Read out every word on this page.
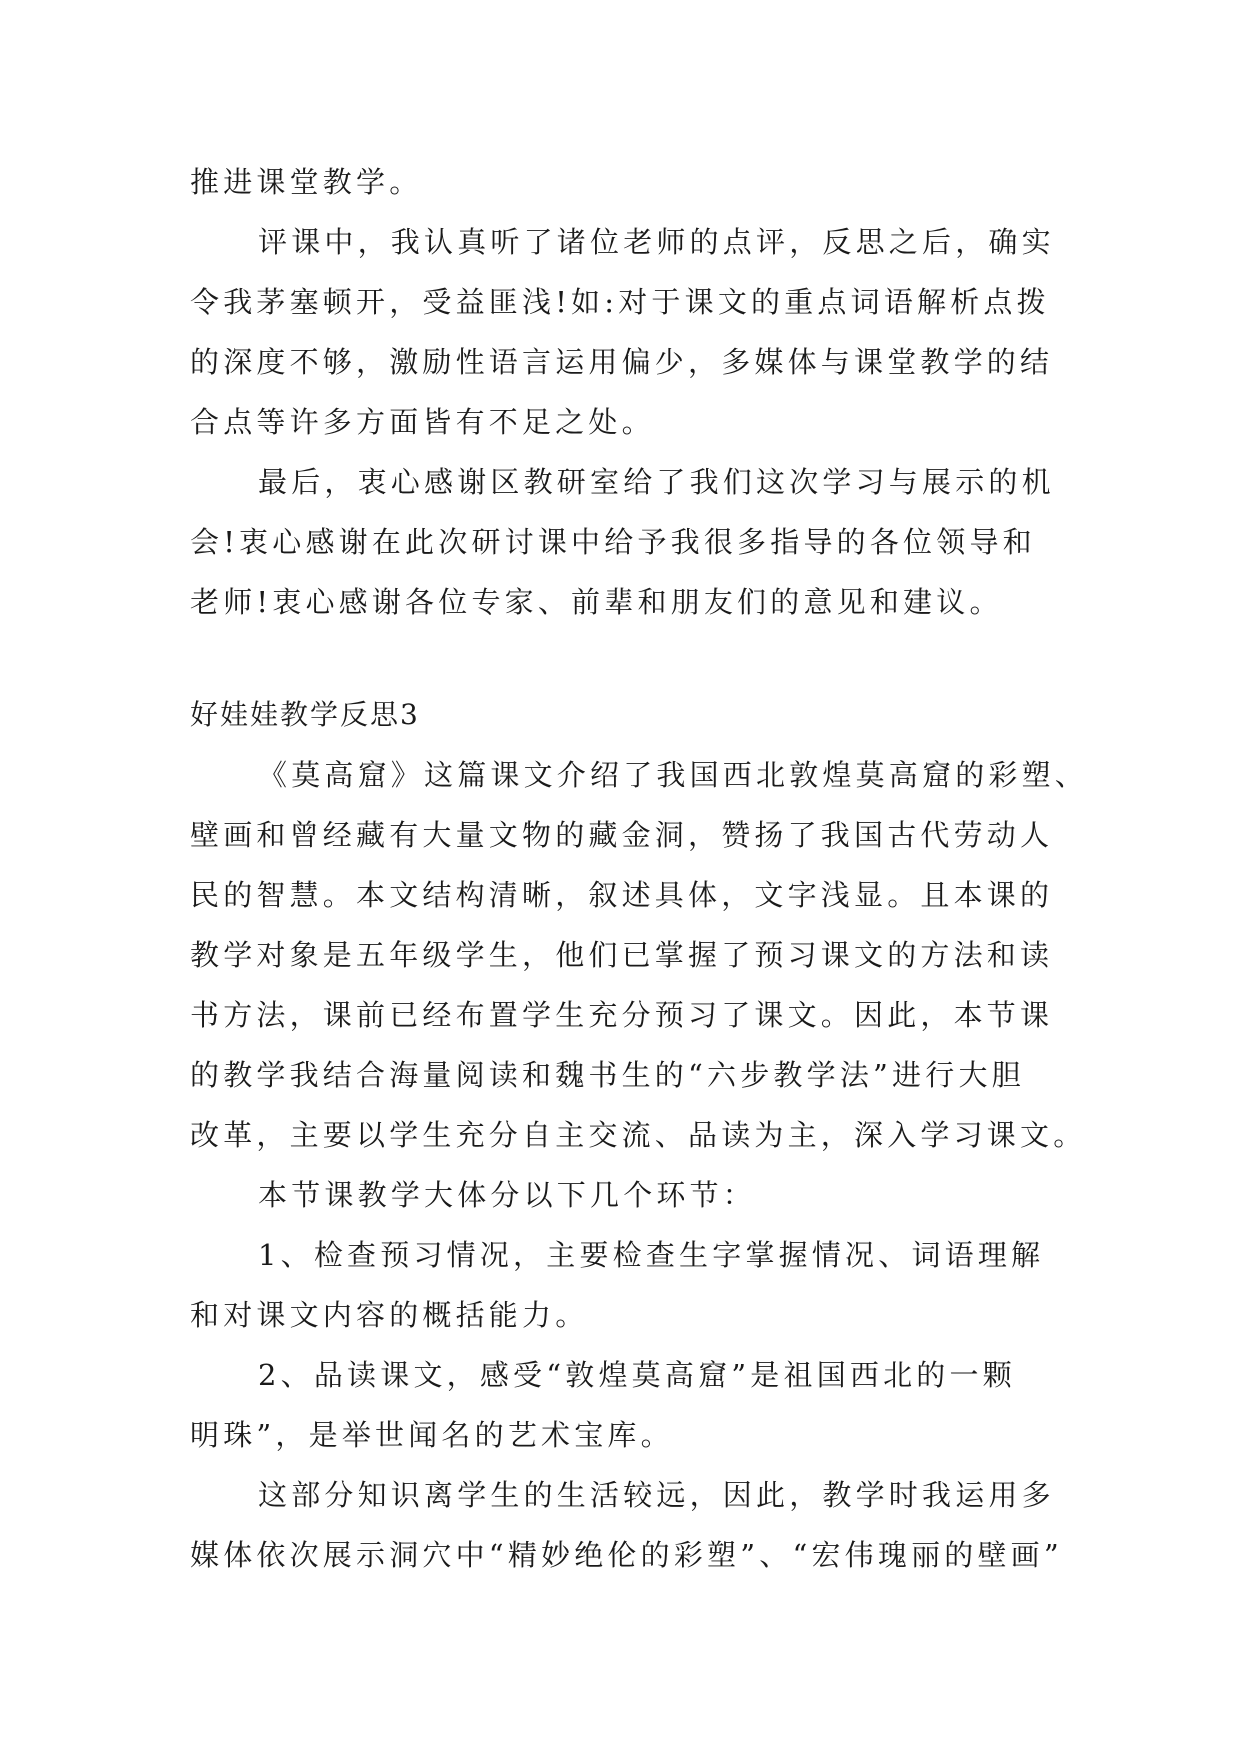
推进课堂教学。
评课中，我认真听了诸位老师的点评，反思之后，确实
令我茅塞顿开，受益匪浅!如:对于课文的重点词语解析点拨
的深度不够，激励性语言运用偏少，多媒体与课堂教学的结
合点等许多方面皆有不足之处。
最后，衷心感谢区教研室给了我们这次学习与展示的机
会!衷心感谢在此次研讨课中给予我很多指导的各位领导和
老师!衷心感谢各位专家、前辈和朋友们的意见和建议。
好娃娃教学反思3
《莫高窟》这篇课文介绍了我国西北敦煌莫高窟的彩塑、
壁画和曾经藏有大量文物的藏金洞，赞扬了我国古代劳动人
民的智慧。本文结构清晰，叙述具体，文字浅显。且本课的
教学对象是五年级学生，他们已掌握了预习课文的方法和读
书方法，课前已经布置学生充分预习了课文。因此，本节课
的教学我结合海量阅读和魏书生的“六步教学法”进行大胆
改革，主要以学生充分自主交流、品读为主，深入学习课文。
本节课教学大体分以下几个环节：
1、检查预习情况，主要检查生字掌握情况、词语理解
和对课文内容的概括能力。
2、品读课文，感受“敦煌莫高窟”是祖国西北的一颗
明珠”，是举世闻名的艺术宝库。
这部分知识离学生的生活较远，因此，教学时我运用多
媒体依次展示洞穴中“精妙绝伦的彩塑”、“宏伟瑰丽的壁画”
